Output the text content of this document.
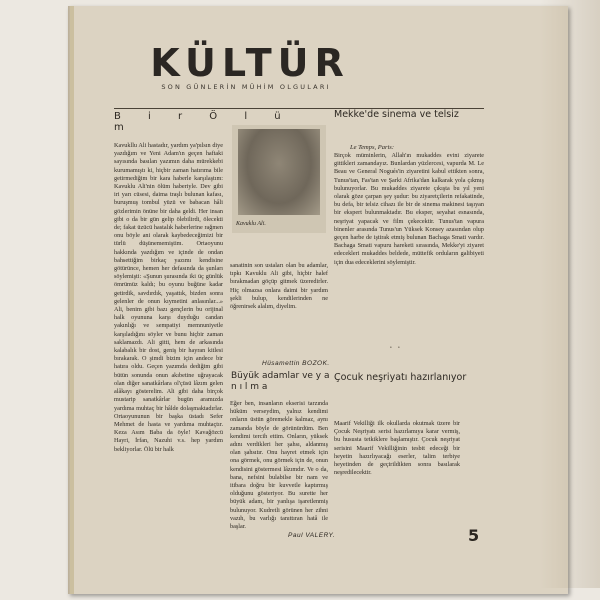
KÜLTÜR
SON GÜNLERİN MÜHİM OLGULARI
B i r Ö l ü m
Mekke'de sinema ve telsiz
Kavukllu Ali hastadır, yardım ya'pılsın diye yazdığım ve Yeni Adam'ın geçen haftaki sayısında basılan yazımın daha mürekkebi kurumamıştı ki, hiçbir zaman hatırıma bile getirmediğim bir kara haberle karşılaştım: Kavuklu Ali'nin ölüm haberiyle. Dev gibi iri yarı cüsesi, daima traşlı bulunan kafası, buruşmuş tombul yüzü ve babacan hâli gözlerimin önüne bir daha geldi. Her insan gibi o da bir gün gelip ölebilirdi, ölecekti de; fakat üzücü hastalık haberlerine rağmen onu böyle ani olarak kaybedeceğimizi bir türlü düşünememiştim. Ortaoyunu hakkında yazdığım ve içinde de ondan bahsettiğim birkaç yazımı kendisine götürünce, hemen her defasında da şunları söylemişti: «Şunun şurasında iki üç günlük ömrümüz kaldı; bu oyunu buğüne kadar getirdik, savdırdık, yaşattık, bizden sonra gelenler de onun kıymetini anlasınlar...» Ali, benim gibi bazı gençlerin bu orijinal halk oyununa karşı duyduğu candan yakınlığı ve sempatiyi memnuniyetle karşıladığını söyler ve bunu hiçbir zaman saklamazdı. Ali gitti, hem de arkasında kalabalık bir dost, geniş bir hayran kitlesi bırakarak. O şimdi bizim için andece bir hatıra oldu. Geçen yazımda dediğim gibi bütün sonunda onun akıbetine uğrayacak olan diğer sanatkârlara ol'çüsü lâzım gelen alâkayı gösterelim. Ali gibi daha birçok mustarip sanatkârlar bugün aramızda yardıma muhtaç bir hâlde dolaşmaktadırlar. Ortaoyununun bir başka üstadı Sefer Mehmet de hasta ve yardıma muhtaçtır. Keza Asım Baba da öyle! Kavağözcü Hayri, İrfan, Nazuhi v.s. hep yardım bekliyorlar. Ölü bir halk
Kavuklu Ali.
sanatinin son ustaları olan bu adamlar, tıpkı Kavuklu Ali gibi, hiçbir halef bırakmadan göçüp gitmek üzeredirler. Hiç olmazsa onlara daimi bir yardım şekli bulup, kendilerinden ne öğrenirsek alalım, diyelim.
Hüsamettin BOZOK.
Büyük adamlar ve y a n ı l m a
Eğer ben, insanların ekserisi tarzında hüküm verseydim, yalnız kendimi onların üstün göremekle kalmaz, aynı zamanda böyle de görünürdüm. Ben kendimi tercih ettim. Onların, yüksek adını verdikleri her şahsı, aldanmış olan şahsıtır. Onu hayret etmek için ona görmek, onu görmek için de, onun kendisini göstermesi lâzımdır. Ve o da, bana, nefsini bulabilse bir nam ve itibara doğru bir kuvvetle kaptırmış olduğunu gösteriyor. Bu surette her büyük adam, bir yanlışa işaretlenmiş bulunuyor. Kudretli görünen her zihni vazıh, bu varlığı tanıttıran hatâ ile başlar.
Paul VALERY.
Le Temps, Paris:
Birçok müminlerin, Allah'ın mukaddes evini ziyarete gittikleri zamandayız. Bunlardan yüzlercesi, vapurda M. Le Beau ve General Nogués'in ziyaretini kabul ettikten sonra, Tunus'tan, Fas'tan ve Şarki Afrika'dan kalkarak yola çıkmış bulunuyorlar. Bu mukaddes ziyarete çıkışta bu yıl yeni olarak göze çarpan şey şudur: bu ziyaretçilerin refakatinde, bu defa, bir telsiz cihazı ile bir de sinema makinesi taşıyan bir ekspert bulunmaktadır. Bu eksper, seyahat esnasında, neşriyat yapacak ve film çekecektir. Tunus'tan vapura binenler arasında Tunus'un Yüksek Konsey azasından olup geçen harbe de iştirak etmiş bulunan Bachaga Smati vardır. Bachaga Smati vapuru hareketi sırasında, Mekke'yi ziyaret edecekleri mukaddes beldede, müttefik orduların galibiyeti için dua edeceklerini söylemiştir.
•     •
Çocuk neşriyatı hazırlanıyor
Maarif Vekilliği ilk okullarda okutmak üzere bir Çocuk Neşriyatı serisi hazırlamıya karar vermiş, bu hususta tetkiklere başlamıştır. Çocuk neşriyat serisini Maarif Vekilliğinin tesbit edeceği bir heyetin hazırlıyacağı eserler, talim terbiye heyetinden de geçirildikten sonra basılarak neşredilecektir.
5
